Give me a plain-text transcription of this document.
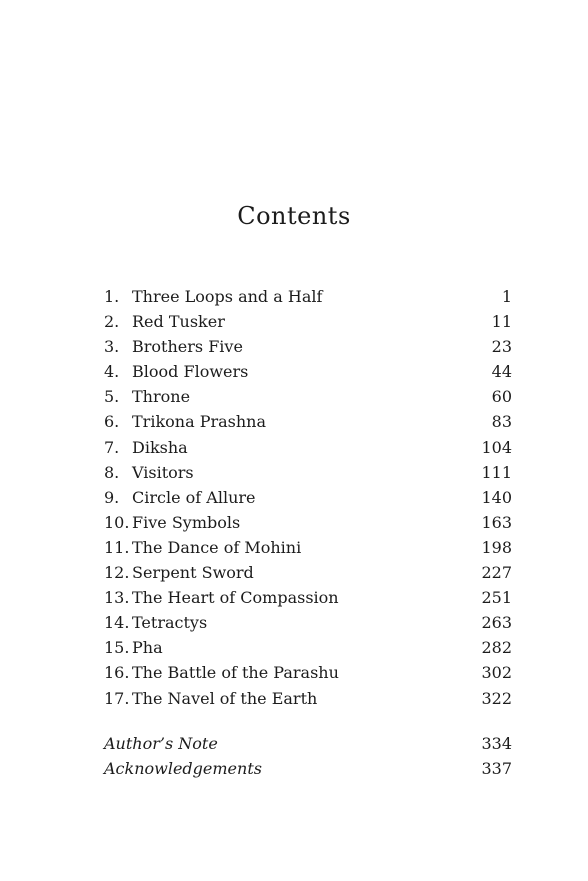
Contents
1. Three Loops and a Half	1
2. Red Tusker	11
3. Brothers Five	23
4. Blood Flowers	44
5. Throne	60
6. Trikona Prashna	83
7. Diksha	104
8. Visitors	111
9. Circle of Allure	140
10. Five Symbols	163
11. The Dance of Mohini	198
12. Serpent Sword	227
13. The Heart of Compassion	251
14. Tetractys	263
15. Pha	282
16. The Battle of the Parashu	302
17. The Navel of the Earth	322
Author’s Note	334
Acknowledgements	337
